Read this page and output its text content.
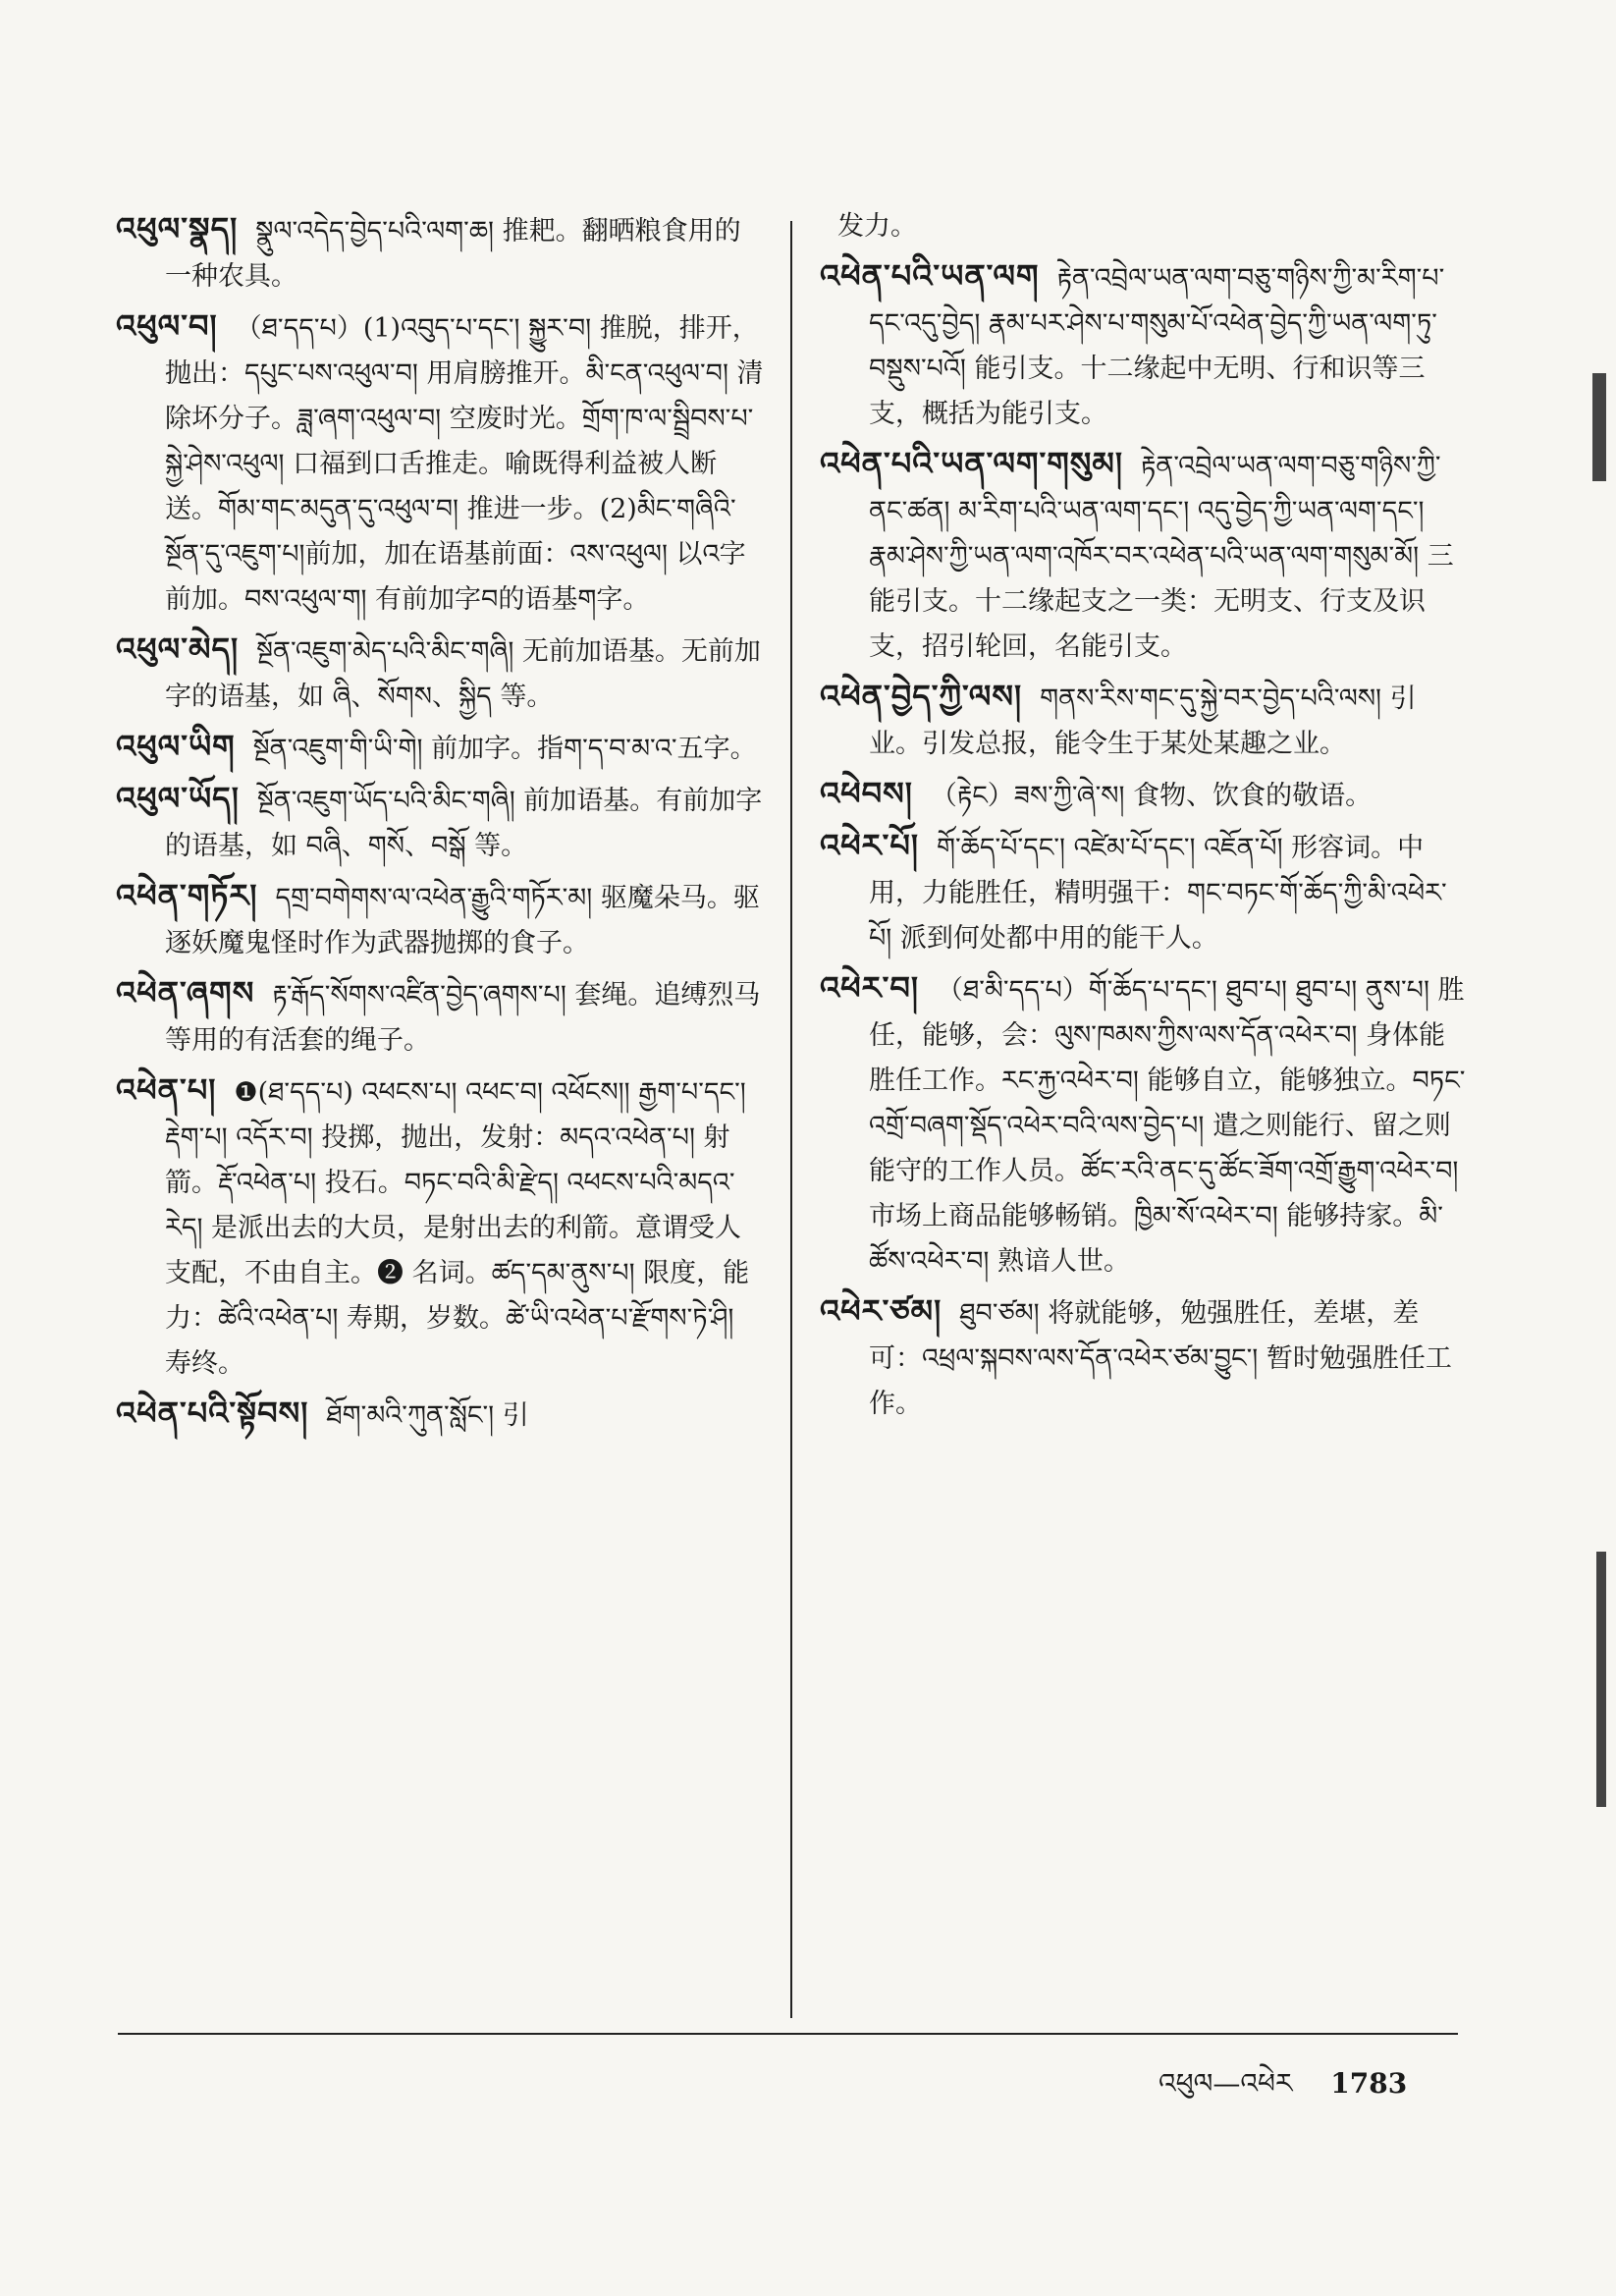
འཕུལ་སྣད། སྣུལ་འདེད་བྱེད་པའི་ལག་ཆ། 推耙。翻晒粮食用的一种农具。
འཕུལ་བ། （ཐ་དད་པ）(1)འབུད་པ་དང་། སྐྱུར་བ། 推脱，排开，抛出：དཔུང་པས་འཕུལ་བ། 用肩膀推开。མི་ངན་འཕུལ་བ། 清除坏分子。ཟླ་ཞག་འཕུལ་བ། 空废时光。གྲོག་ཁ་ལ་སྦྲིབས་པ་སྐྱེ་ཤེས་འཕུལ། 口福到口舌推走。喻既得利益被人断送。གོམ་གང་མདུན་དུ་འཕུལ་བ། 推进一步。(2)མིང་གཞིའི་སྔོན་དུ་འཇུག་པ།前加，加在语基前面：འས་འཕུལ། 以འ字前加。བས་འཕུལ་ག། 有前加字བ的语基ག字。
འཕུལ་མེད། སྔོན་འཇུག་མེད་པའི་མིང་གཞི། 无前加语基。无前加字的语基，如 ཞི、སོགས、སྐྱིད 等。
འཕུལ་ཡིག སྔོན་འཇུག་གི་ཡི་གེ། 前加字。指ག་ད་བ་མ་འ་五字。
འཕུལ་ཡོད། སྔོན་འཇུག་ཡོད་པའི་མིང་གཞི། 前加语基。有前加字的语基，如 བཞི、གསོ、བསྒོ 等。
འཕེན་གཏོར། དགྲ་བགེགས་ལ་འཕེན་རྒྱུའི་གཏོར་མ། 驱魔朵马。驱逐妖魔鬼怪时作为武器抛掷的食子。
འཕེན་ཞགས རྟ་རྒོད་སོགས་འཛིན་བྱེད་ཞགས་པ། 套绳。追缚烈马等用的有活套的绳子。
འཕེན་པ། ❶(ཐ་དད་པ) འཕངས་པ། འཕང་བ། འཕོངས།། རྒྱག་པ་དང་། རྡེག་པ། འདོར་བ། 投掷，抛出，发射：མདའ་འཕེན་པ། 射箭。རྡོ་འཕེན་པ། 投石。བཏང་བའི་མི་རྫེད། འཕངས་པའི་མདའ་རེད། 是派出去的大员，是射出去的利箭。意谓受人支配，不由自主。❷ 名词。ཚད་དམ་ནུས་པ། 限度，能力：ཚེའི་འཕེན་པ། 寿期，岁数。ཚེ་ཡི་འཕེན་པ་རྫོགས་ཏེ་ཤི། 寿终。
འཕེན་པའི་སྟོབས། ཐོག་མའི་ཀུན་སློང་། 引
发力。
འཕེན་པའི་ཡན་ལག རྟེན་འབྲེལ་ཡན་ལག་བཅུ་གཉིས་ཀྱི་མ་རིག་པ་དང་འདུ་བྱེད། རྣམ་པར་ཤེས་པ་གསུམ་པོ་འཕེན་བྱེད་ཀྱི་ཡན་ལག་ཏུ་བསྡུས་པའོ། 能引支。十二缘起中无明、行和识等三支，概括为能引支。
འཕེན་པའི་ཡན་ལག་གསུམ། རྟེན་འབྲེལ་ཡན་ལག་བཅུ་གཉིས་ཀྱི་ནང་ཚན། མ་རིག་པའི་ཡན་ལག་དང་། འདུ་བྱེད་ཀྱི་ཡན་ལག་དང་། རྣམ་ཤེས་ཀྱི་ཡན་ལག་འཁོར་བར་འཕེན་པའི་ཡན་ལག་གསུམ་མོ། 三能引支。十二缘起支之一类：无明支、行支及识支，招引轮回，名能引支。
འཕེན་བྱེད་ཀྱི་ལས། གནས་རིས་གང་དུ་སྐྱེ་བར་བྱེད་པའི་ལས། 引业。引发总报，能令生于某处某趣之业。
འཕེབས། （རྟེང）ཟས་ཀྱི་ཞེ་ས། 食物、饮食的敬语。
འཕེར་པོ། གོ་ཆོད་པོ་དང་། འཛེམ་པོ་དང་། འཇོན་པོ། 形容词。中用，力能胜任，精明强干：གང་བཏང་གོ་ཆོད་ཀྱི་མི་འཕེར་པོ། 派到何处都中用的能干人。
འཕེར་བ། （ཐ་མི་དད་པ）གོ་ཆོད་པ་དང་། ཐུབ་པ། ཐུབ་པ། ནུས་པ། 胜任，能够，会：ལུས་ཁམས་ཀྱིས་ལས་དོན་འཕེར་བ། 身体能胜任工作。རང་རྐྱ་འཕེར་བ། 能够自立，能够独立。བཏང་འགྲོ་བཞག་སྡོད་འཕེར་བའི་ལས་བྱེད་པ། 遣之则能行、留之则能守的工作人员。ཚོང་རའི་ནང་དུ་ཚོང་ཟོག་འགྲོ་རྒྱུག་འཕེར་བ། 市场上商品能够畅销。ཁྱིམ་སོ་འཕེར་བ། 能够持家。མི་ཚོས་འཕེར་བ། 熟谙人世。
འཕེར་ཙམ། ཐུབ་ཙམ། 将就能够，勉强胜任，差堪，差可：འཕྲལ་སྐབས་ལས་དོན་འཕེར་ཙམ་བྱུང་། 暂时勉强胜任工作。
འཕུལ—འཕེར 1783
